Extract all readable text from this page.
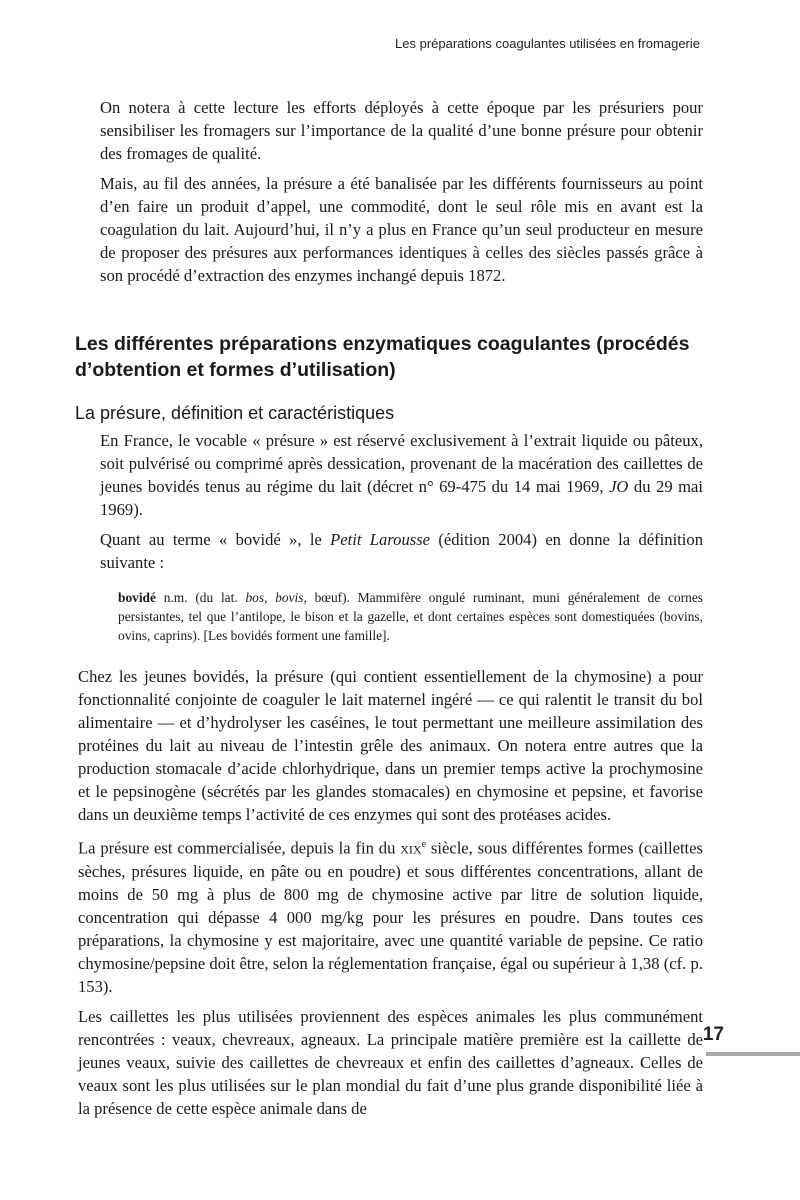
Les préparations coagulantes utilisées en fromagerie

On notera à cette lecture les efforts déployés à cette époque par les présuriers pour sensibiliser les fromagers sur l’importance de la qualité d’une bonne présure pour obtenir des fromages de qualité.

Mais, au fil des années, la présure a été banalisée par les différents fournisseurs au point d’en faire un produit d’appel, une commodité, dont le seul rôle mis en avant est la coagulation du lait. Aujourd’hui, il n’y a plus en France qu’un seul producteur en mesure de proposer des présures aux performances identiques à celles des siècles passés grâce à son procédé d’extraction des enzymes inchangé depuis 1872.

Les différentes préparations enzymatiques coagulantes (procédés d’obtention et formes d’utilisation)
La présure, définition et caractéristiques

En France, le vocable « présure » est réservé exclusivement à l’extrait liquide ou pâteux, soit pulvérisé ou comprimé après dessication, provenant de la macération des caillettes de jeunes bovidés tenus au régime du lait (décret n° 69-475 du 14 mai 1969, JO du 29 mai 1969).

Quant au terme « bovidé », le Petit Larousse (édition 2004) en donne la définition suivante :

bovidé n.m. (du lat. bos, bovis, bœuf). Mammifère ongulé ruminant, muni généralement de cornes persistantes, tel que l’antilope, le bison et la gazelle, et dont certaines espèces sont domestiquées (bovins, ovins, caprins). [Les bovidés forment une famille].

Chez les jeunes bovidés, la présure (qui contient essentiellement de la chymosine) a pour fonctionnalité conjointe de coaguler le lait maternel ingéré — ce qui ralentit le transit du bol alimentaire — et d’hydrolyser les caséines, le tout permettant une meilleure assimilation des protéines du lait au niveau de l’intestin grêle des animaux. On notera entre autres que la production stomacale d’acide chlorhydrique, dans un premier temps active la prochymosine et le pepsinogène (sécrétés par les glandes stomacales) en chymosine et pepsine, et favorise dans un deuxième temps l’activité de ces enzymes qui sont des protéases acides.

La présure est commercialisée, depuis la fin du xix$^e$ siècle, sous différentes formes (caillettes sèches, présures liquide, en pâte ou en poudre) et sous différentes concentrations, allant de moins de 50 mg à plus de 800 mg de chymosine active par litre de solution liquide, concentration qui dépasse 4 000 mg/kg pour les présures en poudre. Dans toutes ces préparations, la chymosine y est majoritaire, avec une quantité variable de pepsine. Ce ratio chymosine/pepsine doit être, selon la réglementation française, égal ou supérieur à 1,38 (cf. p. 153).

Les caillettes les plus utilisées proviennent des espèces animales les plus communément rencontrées : veaux, chevreaux, agneaux. La principale matière première est la caillette de jeunes veaux, suivie des caillettes de chevreaux et enfin des caillettes d’agneaux. Celles de veaux sont les plus utilisées sur le plan mondial du fait d’une plus grande disponibilité liée à la présence de cette espèce animale dans de

17
